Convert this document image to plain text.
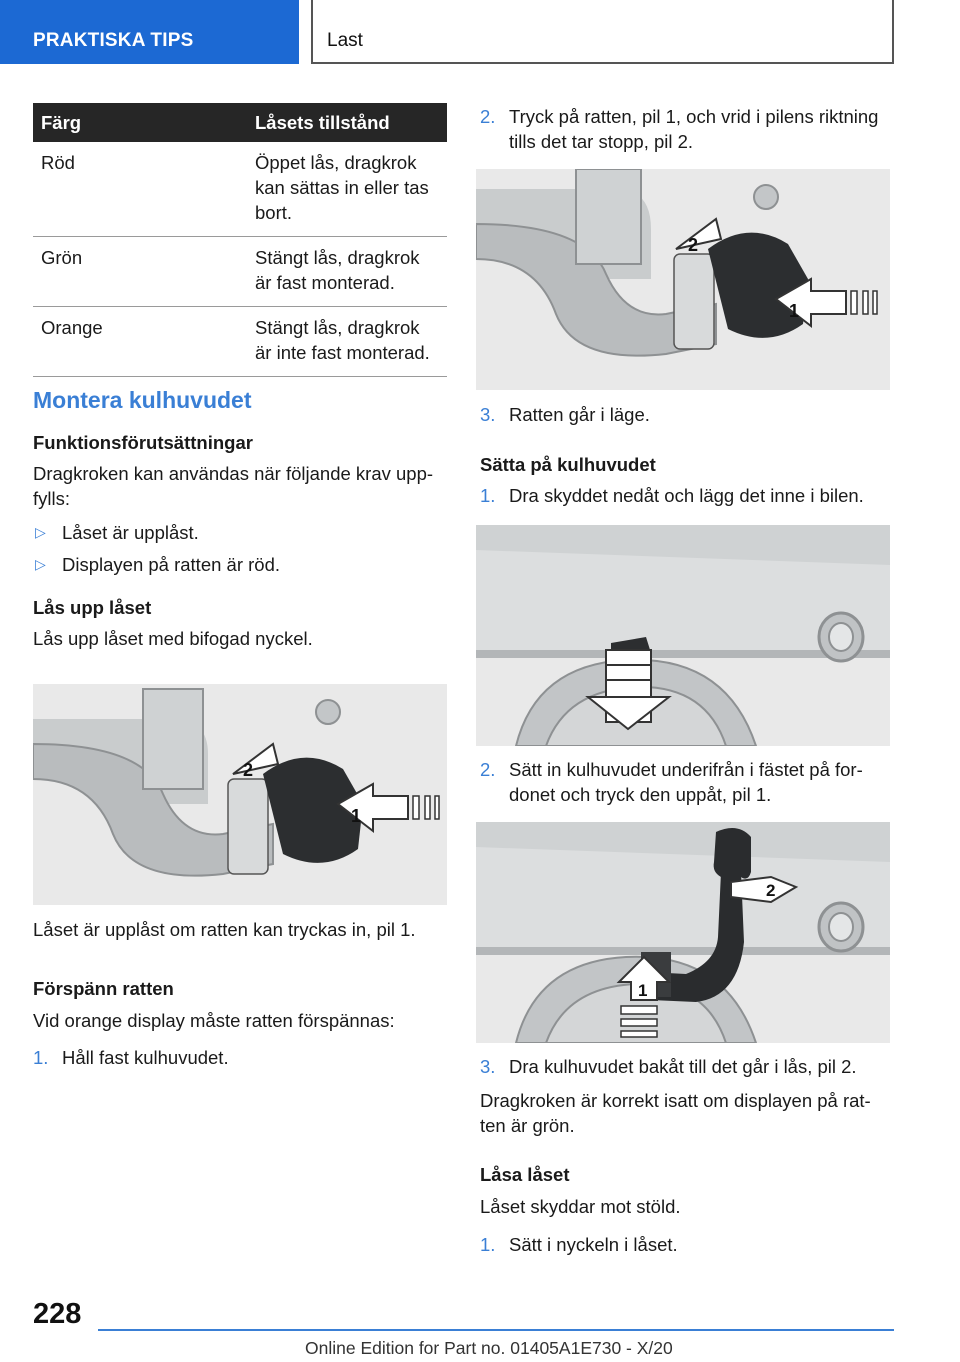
PRAKTISKA TIPS	Last
Färg	Låsets tillstånd
Röd	Öppet lås, dragkrok kan sättas in eller tas bort.
Grön	Stängt lås, dragkrok är fast monterad.
Orange	Stängt lås, dragkrok är inte fast monterad.
Montera kulhuvudet
Funktionsförutsättningar

Dragkroken kan användas när följande krav upp-fylls:

▷ Låset är upplåst.
▷ Displayen på ratten är röd.
Lås upp låset

Lås upp låset med bifogad nyckel.

1
2

Låset är upplåst om ratten kan tryckas in, pil 1.

Förspänn ratten

Vid orange display måste ratten förspännas:

1. Håll fast kulhuvudet.
2. Tryck på ratten, pil 1, och vrid i pilens riktning tills det tar stopp, pil 2.
1
2
3. Ratten går i läge.
Sätta på kulhuvudet
1. Dra skyddet nedåt och lägg det inne i bilen.
2. Sätt in kulhuvudet underifrån i fästet på for-donet och tryck den uppåt, pil 1.
1
2
3. Dra kulhuvudet bakåt till det går i lås, pil 2.

Dragkroken är korrekt isatt om displayen på rat-ten är grön.

Låsa låset

Låset skyddar mot stöld.

1. Sätt i nyckeln i låset.
228
Online Edition for Part no. 01405A1E730 - X/20
